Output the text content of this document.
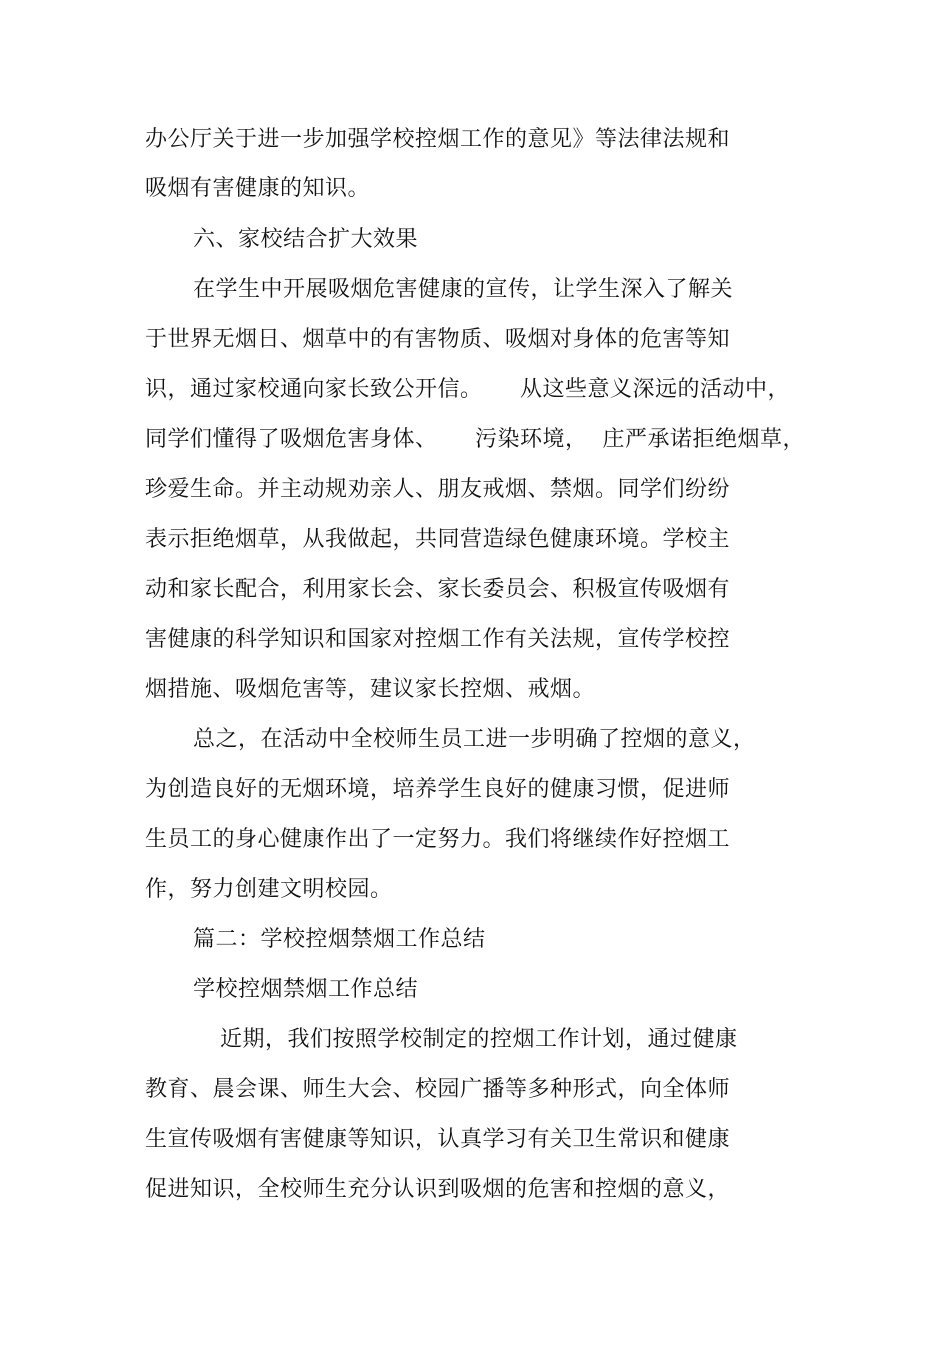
办公厅关于进一步加强学校控烟工作的意见》等法律法规和
吸烟有害健康的知识。
六、家校结合扩大效果
在学生中开展吸烟危害健康的宣传，让学生深入了解关
于世界无烟日、烟草中的有害物质、吸烟对身体的危害等知
识，通过家校通向家长致公开信。     从这些意义深远的活动中，
同学们懂得了吸烟危害身体、     污染环境，  庄严承诺拒绝烟草，
珍爱生命。并主动规劝亲人、朋友戒烟、禁烟。同学们纷纷
表示拒绝烟草，从我做起，共同营造绿色健康环境。学校主
动和家长配合，利用家长会、家长委员会、积极宣传吸烟有
害健康的科学知识和国家对控烟工作有关法规，宣传学校控
烟措施、吸烟危害等，建议家长控烟、戒烟。
总之，在活动中全校师生员工进一步明确了控烟的意义，
为创造良好的无烟环境，培养学生良好的健康习惯，促进师
生员工的身心健康作出了一定努力。我们将继续作好控烟工
作，努力创建文明校园。
篇二：学校控烟禁烟工作总结
学校控烟禁烟工作总结
近期，我们按照学校制定的控烟工作计划，通过健康
教育、晨会课、师生大会、校园广播等多种形式，向全体师
生宣传吸烟有害健康等知识，认真学习有关卫生常识和健康
促进知识，全校师生充分认识到吸烟的危害和控烟的意义，
